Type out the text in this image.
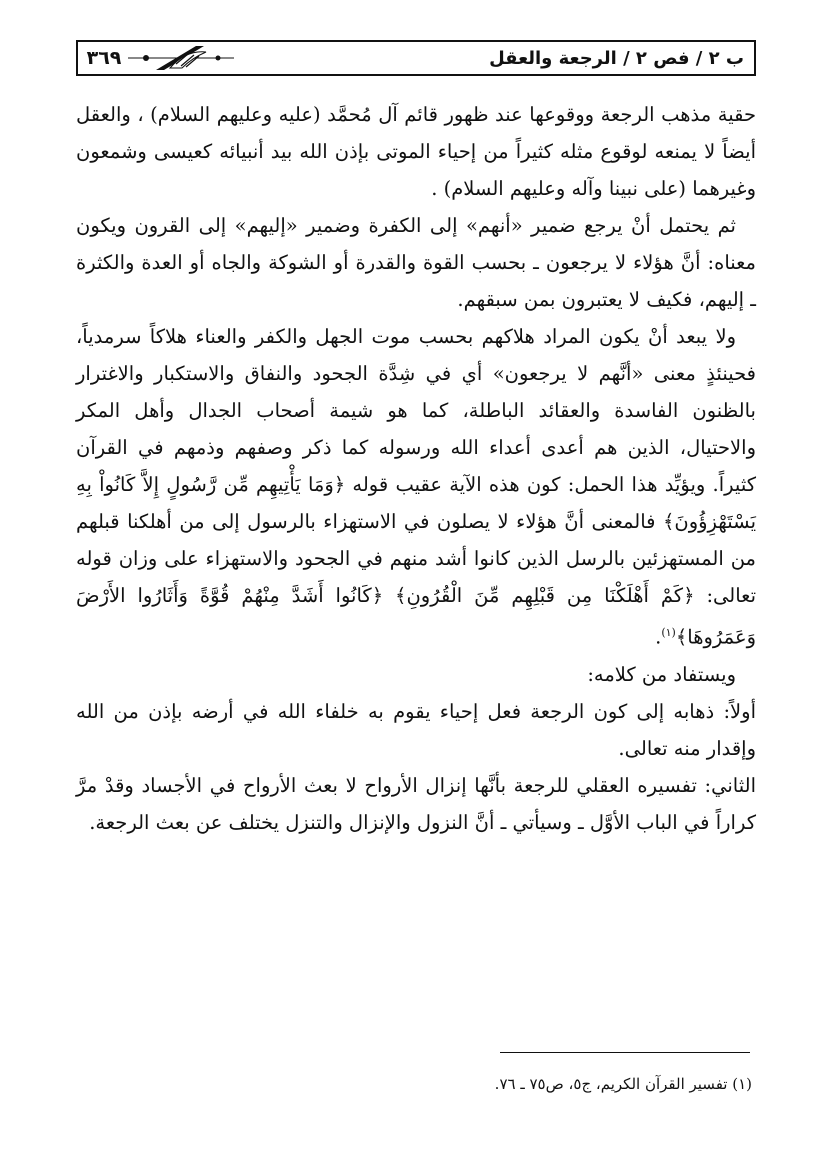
ب ٢ / فص ٢ / الرجعة والعقل
٣٦٩

حقية مذهب الرجعة ووقوعها عند ظهور قائم آل مُحمَّد (عليه وعليهم السلام) ، والعقل أيضاً لا يمنعه لوقوع مثله كثيراً من إحياء الموتى بإذن الله بيد أنبيائه كعيسى وشمعون وغيرهما (على نبينا وآله وعليهم السلام) .

ثم يحتمل أنْ يرجع ضمير «أنهم» إلى الكفرة وضمير «إليهم» إلى القرون ويكون معناه: أنَّ هؤلاء لا يرجعون ـ بحسب القوة والقدرة أو الشوكة والجاه أو العدة والكثرة ـ إليهم، فكيف لا يعتبرون بمن سبقهم.

ولا يبعد أنْ يكون المراد هلاكهم بحسب موت الجهل والكفر والعناء هلاكاً سرمدياً، فحينئذٍ معنى «أنَّهم لا يرجعون» أي في شِدَّة الجحود والنفاق والاستكبار والاغترار بالظنون الفاسدة والعقائد الباطلة، كما هو شيمة أصحاب الجدال وأهل المكر والاحتيال، الذين هم أعدى أعداء الله ورسوله كما ذكر وصفهم وذمهم في القرآن كثيراً. ويؤيِّد هذا الحمل: كون هذه الآية عقيب قوله ﴿وَمَا يَأْتِيهِم مِّن رَّسُولٍ إِلاَّ كَانُواْ بِهِ يَسْتَهْزِؤُونَ﴾ فالمعنى أنَّ هؤلاء لا يصلون في الاستهزاء بالرسول إلى من أهلكنا قبلهم من المستهزئين بالرسل الذين كانوا أشد منهم في الجحود والاستهزاء على وزان قوله تعالى: ﴿كَمْ أَهْلَكْنَا مِن قَبْلِهِم مِّنَ الْقُرُونِ﴾ ﴿كَانُوا أَشَدَّ مِنْهُمْ قُوَّةً وَأَثَارُوا الأَرْضَ وَعَمَرُوهَا﴾$^{(١)}$.

ويستفاد من كلامه:

أولاً: ذهابه إلى كون الرجعة فعل إحياء يقوم به خلفاء الله في أرضه بإذن من الله وإقدار منه تعالى.

الثاني: تفسيره العقلي للرجعة بأنَّها إنزال الأرواح لا بعث الأرواح في الأجساد وقدْ مرَّ كراراً في الباب الأوَّل ـ وسيأتي ـ أنَّ النزول والإنزال والتنزل يختلف عن بعث الرجعة.

(١) تفسير القرآن الكريم، ج٥، ص٧٥ ـ ٧٦.
